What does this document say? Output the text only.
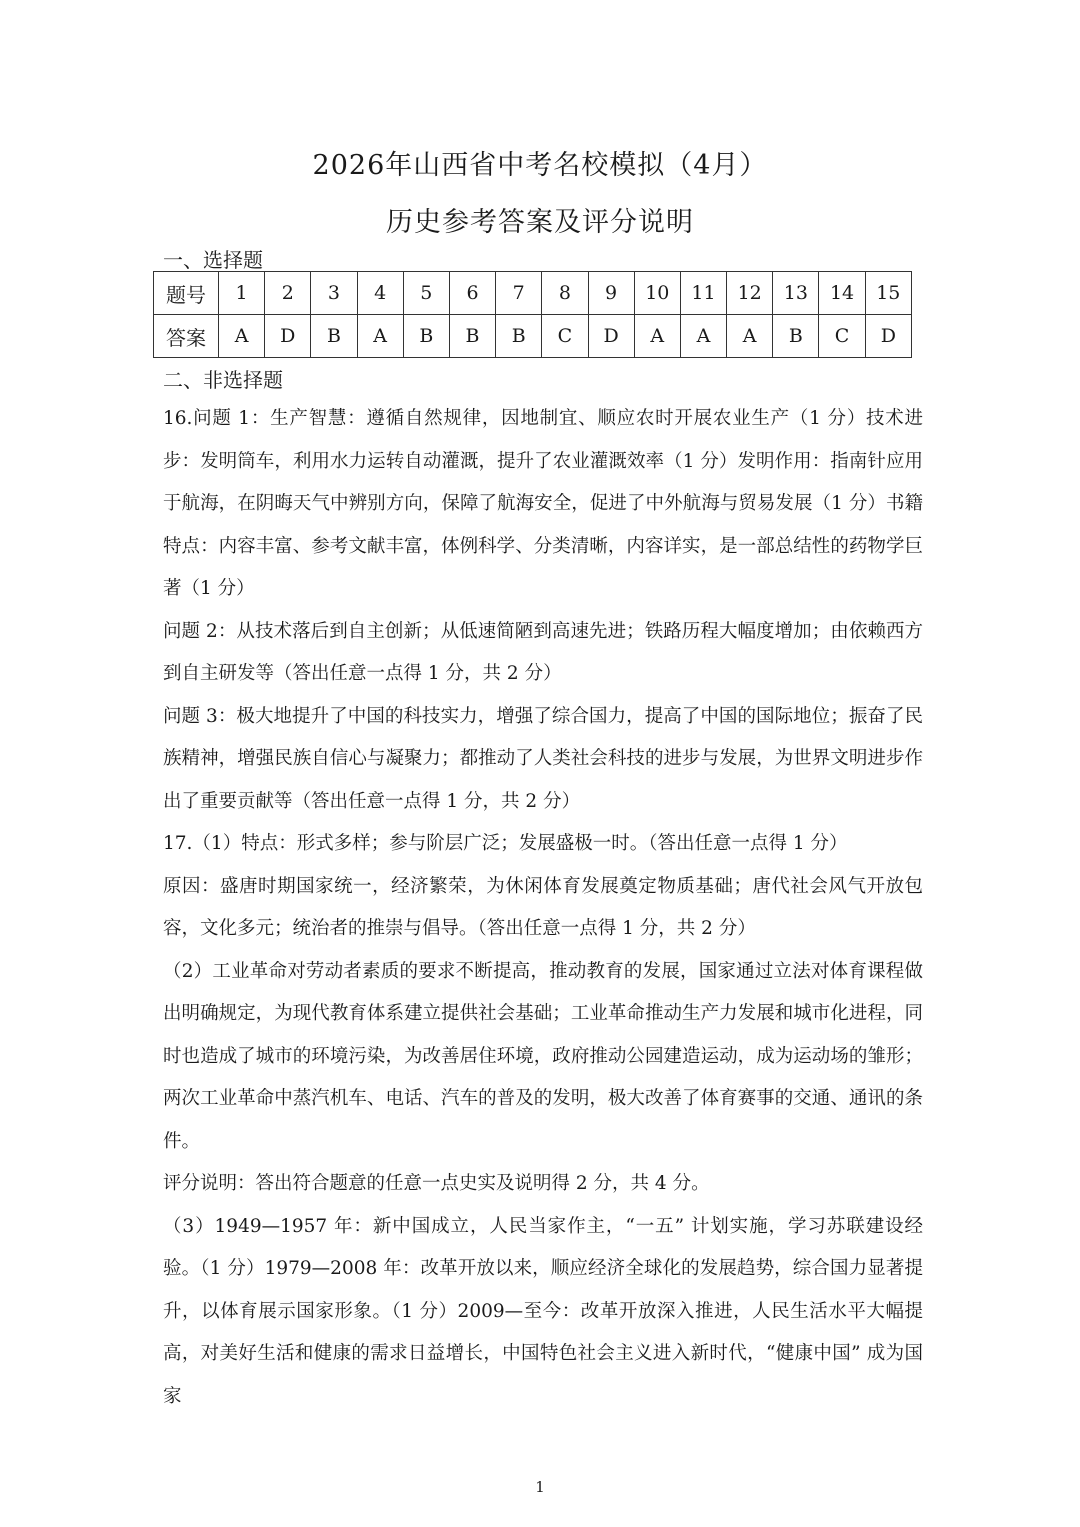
2026年山西省中考名校模拟（4月）
历史参考答案及评分说明
一、选择题
题号	1	2	3	4	5	6	7	8	9	10	11	12	13	14	15
答案	A	D	B	A	B	B	B	C	D	A	A	A	B	C	D
二、非选择题

16.问题 1：生产智慧：遵循自然规律，因地制宜、顺应农时开展农业生产（1 分）技术进步：发明筒车，利用水力运转自动灌溉，提升了农业灌溉效率（1 分）发明作用：指南针应用于航海，在阴晦天气中辨别方向，保障了航海安全，促进了中外航海与贸易发展（1 分）书籍特点：内容丰富、参考文献丰富，体例科学、分类清晰，内容详实，是一部总结性的药物学巨著（1 分）

问题 2：从技术落后到自主创新；从低速简陋到高速先进；铁路历程大幅度增加；由依赖西方到自主研发等（答出任意一点得 1 分，共 2 分）

问题 3：极大地提升了中国的科技实力，增强了综合国力，提高了中国的国际地位；振奋了民族精神，增强民族自信心与凝聚力；都推动了人类社会科技的进步与发展，为世界文明进步作出了重要贡献等（答出任意一点得 1 分，共 2 分）

17.（1）特点：形式多样；参与阶层广泛；发展盛极一时。（答出任意一点得 1 分）

原因：盛唐时期国家统一，经济繁荣，为休闲体育发展奠定物质基础；唐代社会风气开放包容，文化多元；统治者的推崇与倡导。（答出任意一点得 1 分，共 2 分）

（2）工业革命对劳动者素质的要求不断提高，推动教育的发展，国家通过立法对体育课程做出明确规定，为现代教育体系建立提供社会基础；工业革命推动生产力发展和城市化进程，同时也造成了城市的环境污染，为改善居住环境，政府推动公园建造运动，成为运动场的雏形；两次工业革命中蒸汽机车、电话、汽车的普及的发明，极大改善了体育赛事的交通、通讯的条件。

评分说明：答出符合题意的任意一点史实及说明得 2 分，共 4 分。

（3）1949—1957 年：新中国成立，人民当家作主，“一五” 计划实施，学习苏联建设经验。（1 分）1979—2008 年：改革开放以来，顺应经济全球化的发展趋势，综合国力显著提升，以体育展示国家形象。（1 分）2009—至今：改革开放深入推进，人民生活水平大幅提高，对美好生活和健康的需求日益增长，中国特色社会主义进入新时代，“健康中国” 成为国家

1
